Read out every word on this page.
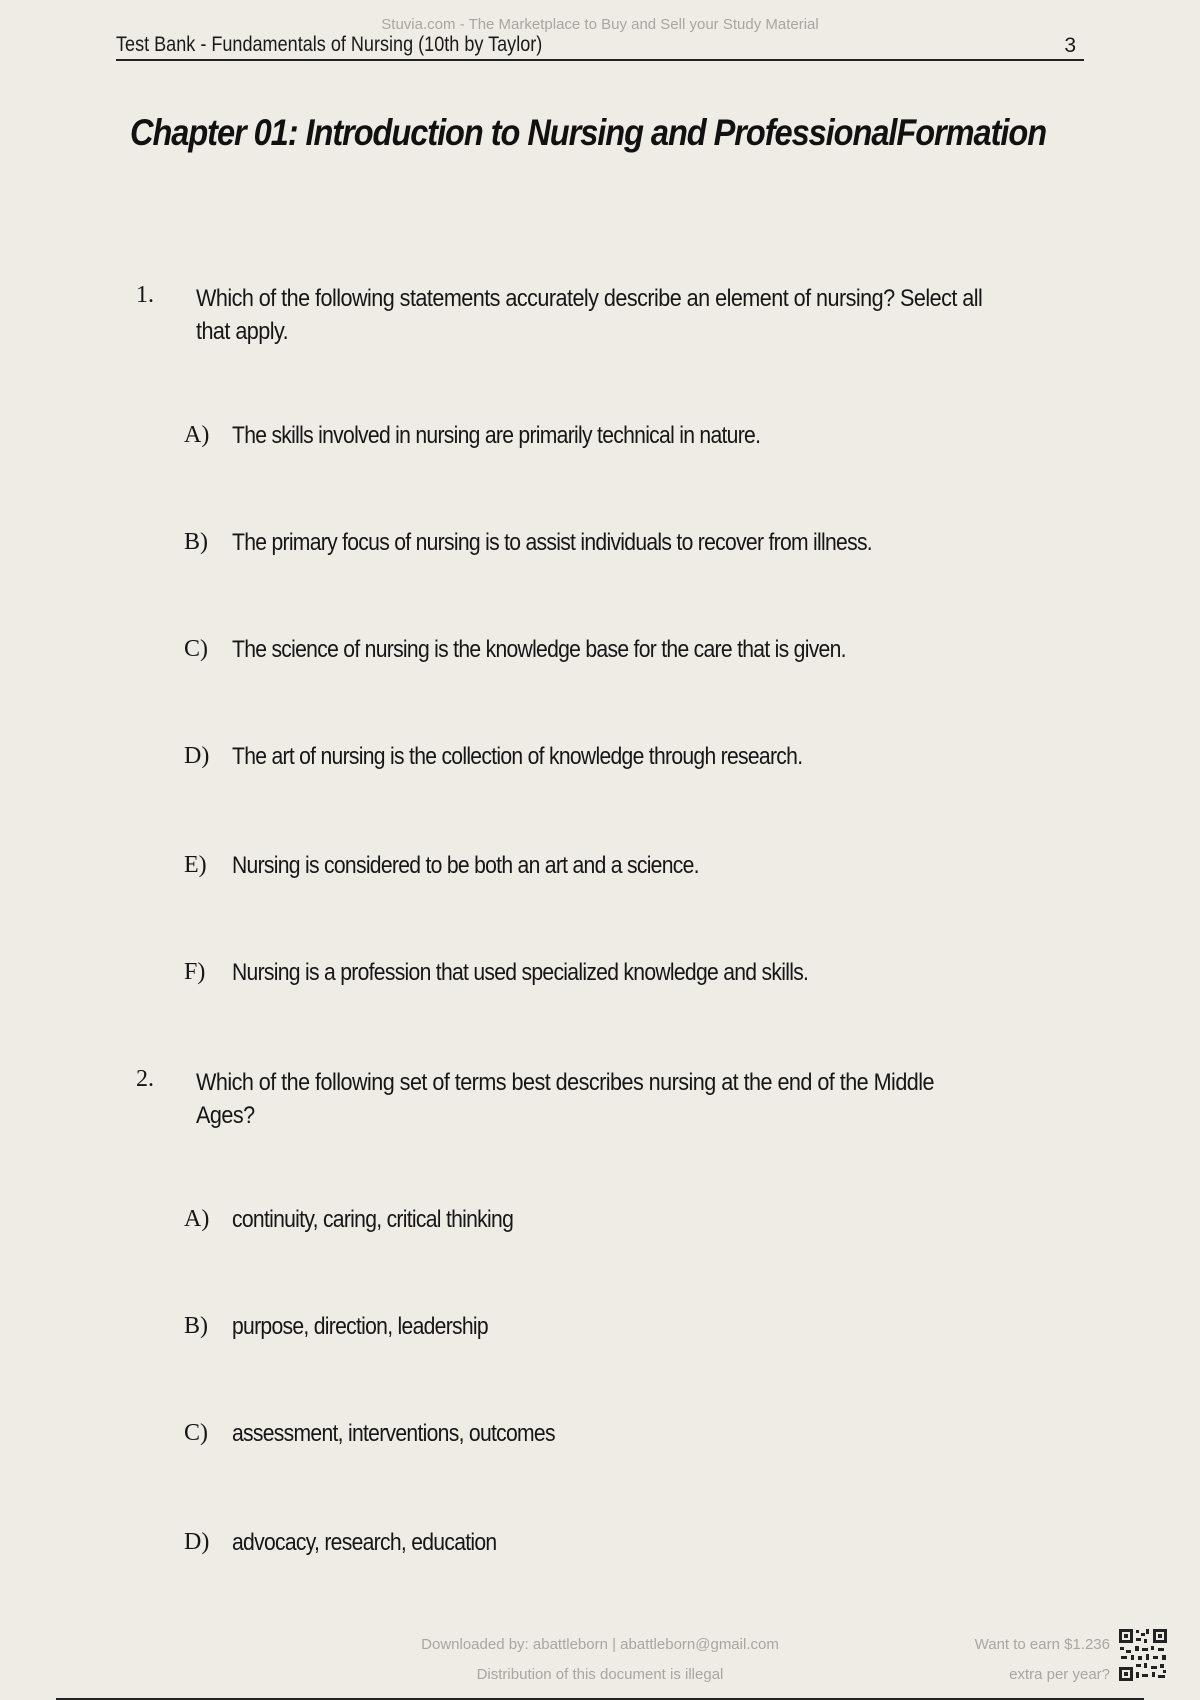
Stuvia.com - The Marketplace to Buy and Sell your Study Material
Test Bank - Fundamentals of Nursing (10th by Taylor)	3
Chapter 01: Introduction to Nursing and ProfessionalFormation
1. Which of the following statements accurately describe an element of nursing? Select all that apply.
A) The skills involved in nursing are primarily technical in nature.
B) The primary focus of nursing is to assist individuals to recover from illness.
C) The science of nursing is the knowledge base for the care that is given.
D) The art of nursing is the collection of knowledge through research.
E) Nursing is considered to be both an art and a science.
F) Nursing is a profession that used specialized knowledge and skills.
2. Which of the following set of terms best describes nursing at the end of the Middle Ages?
A) continuity, caring, critical thinking
B) purpose, direction, leadership
C) assessment, interventions, outcomes
D) advocacy, research, education
Downloaded by: abattleborn | abattleborn@gmail.com
Distribution of this document is illegal
Want to earn $1.236
extra per year?
